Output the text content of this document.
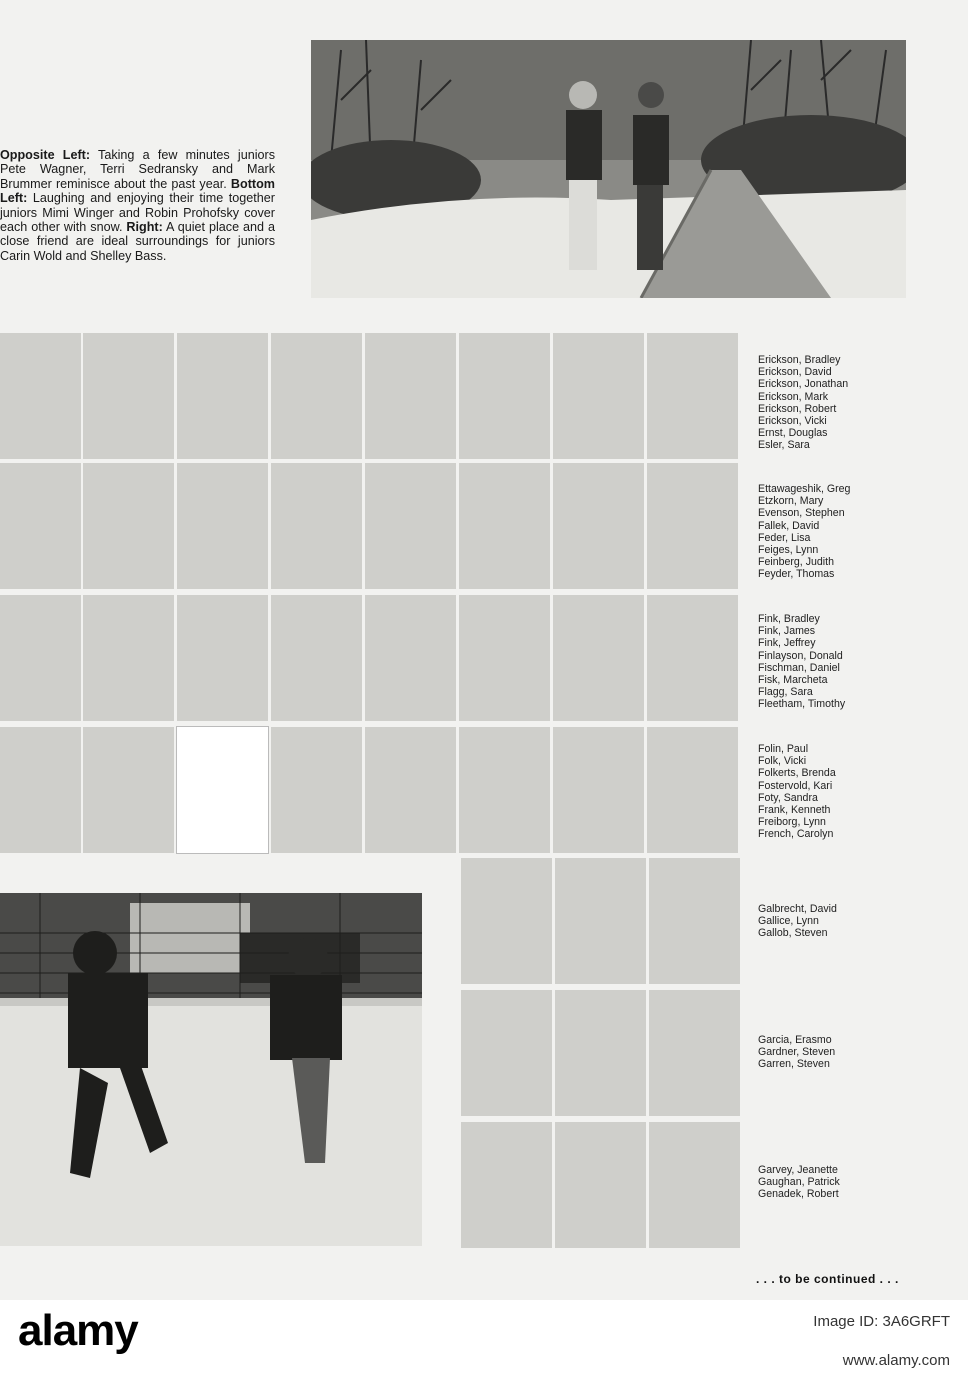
Opposite Left: Taking a few minutes juniors Pete Wagner, Terri Sedransky and Mark Brummer reminisce about the past year. Bottom Left: Laughing and enjoying their time together juniors Mimi Winger and Robin Prohofsky cover each other with snow. Right: A quiet place and a close friend are ideal surroundings for juniors Carin Wold and Shelley Bass.
Erickson, Bradley
Erickson, David
Erickson, Jonathan
Erickson, Mark
Erickson, Robert
Erickson, Vicki
Ernst, Douglas
Esler, Sara
Ettawageshik, Greg
Etzkorn, Mary
Evenson, Stephen
Fallek, David
Feder, Lisa
Feiges, Lynn
Feinberg, Judith
Feyder, Thomas
Fink, Bradley
Fink, James
Fink, Jeffrey
Finlayson, Donald
Fischman, Daniel
Fisk, Marcheta
Flagg, Sara
Fleetham, Timothy
Folin, Paul
Folk, Vicki
Folkerts, Brenda
Fostervold, Kari
Foty, Sandra
Frank, Kenneth
Freiborg, Lynn
French, Carolyn
Galbrecht, David
Gallice, Lynn
Gallob, Steven
Garcia, Erasmo
Gardner, Steven
Garren, Steven
Garvey, Jeanette
Gaughan, Patrick
Genadek, Robert
. . . to be continued . . .
alamy	Image ID: 3A6GRFT
www.alamy.com
